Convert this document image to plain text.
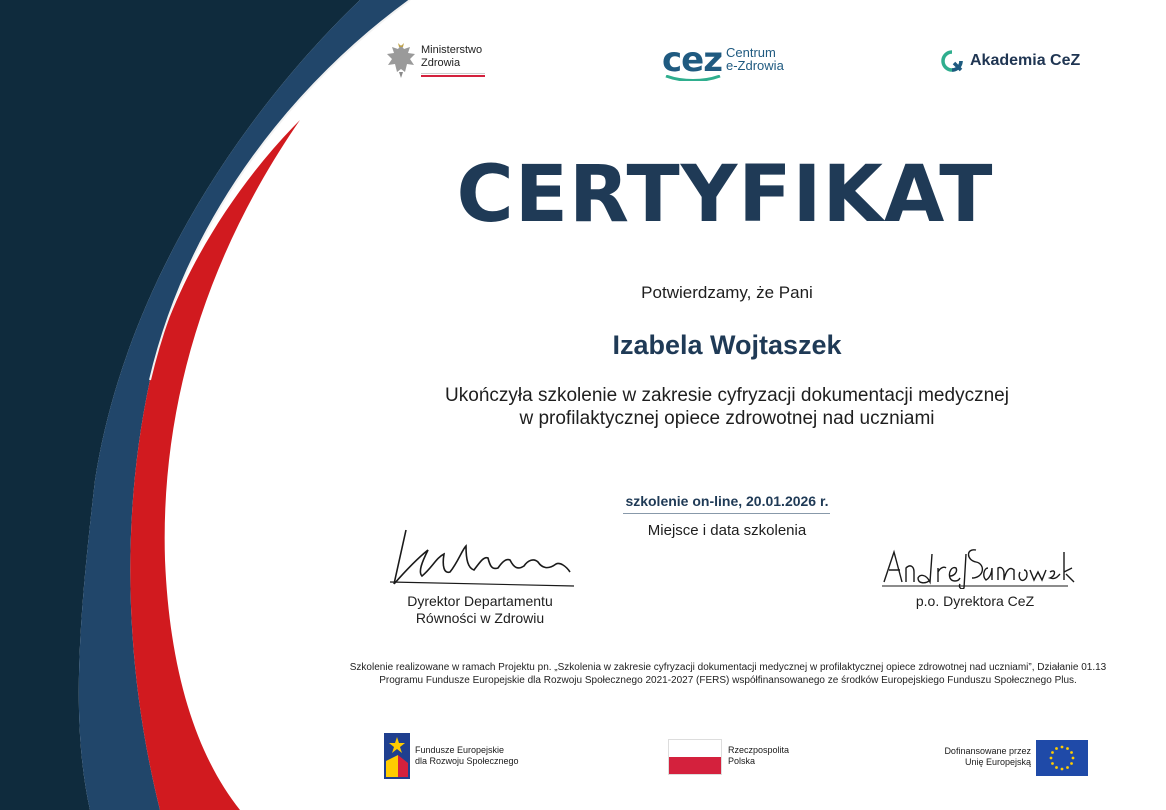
Ministerstwo
Zdrowia	cez Centrum
e-Zdrowia	Akademia CeZ
CERTYFIKAT
Potwierdzamy, że Pani
Izabela Wojtaszek
Ukończyła szkolenie w zakresie cyfryzacji dokumentacji medycznej
w profilaktycznej opiece zdrowotnej nad uczniami
szkolenie on-line, 20.01.2026 r.
Miejsce i data szkolenia
Dyrektor Departamentu
Równości w Zdrowiu
p.o. Dyrektora CeZ
Szkolenie realizowane w ramach Projektu pn. „Szkolenia w zakresie cyfryzacji dokumentacji medycznej w profilaktycznej opiece zdrowotnej nad uczniami”, Działanie 01.13 Programu Fundusze Europejskie dla Rozwoju Społecznego 2021-2027 (FERS) współfinansowanego ze środków Europejskiego Funduszu Społecznego Plus.
Fundusze Europejskie
dla Rozwoju Społecznego
Rzeczpospolita
Polska
Dofinansowane przez
Unię Europejską
